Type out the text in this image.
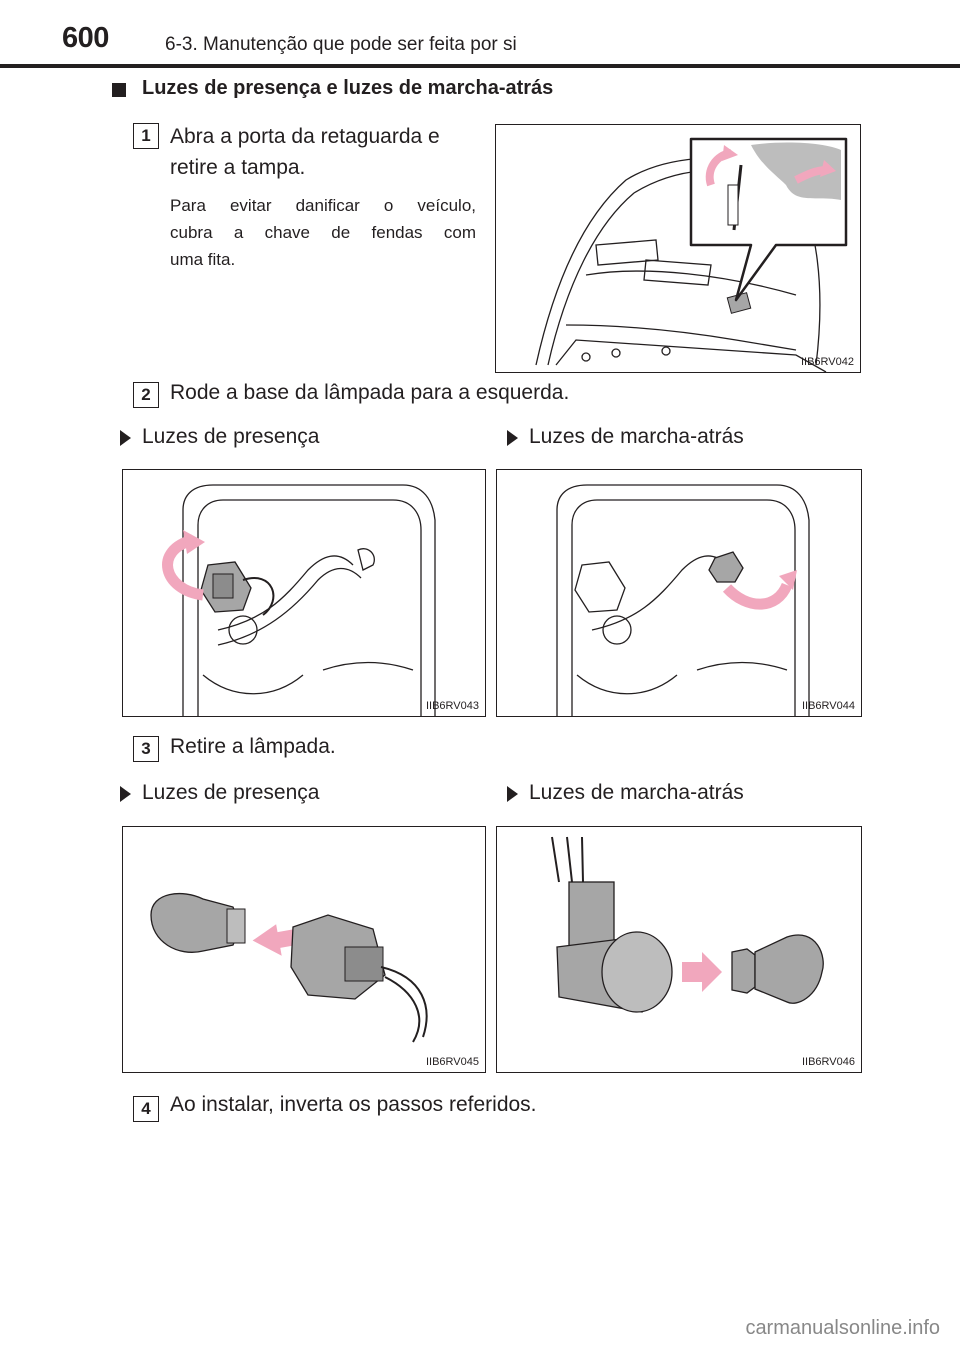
600	6-3. Manutenção que pode ser feita por si
Luzes de presença e luzes de marcha-atrás
1 Abra a porta da retaguarda e
retire a tampa.
Para evitar danificar o veículo,
cubra a chave de fendas com
uma fita.
IIB6RV042
2 Rode a base da lâmpada para a esquerda.
Luzes de presença	Luzes de marcha-atrás
IIB6RV043	IIB6RV044
3 Retire a lâmpada.
Luzes de presença	Luzes de marcha-atrás
IIB6RV045	IIB6RV046
4 Ao instalar, inverta os passos referidos.
carmanualsonline.info
